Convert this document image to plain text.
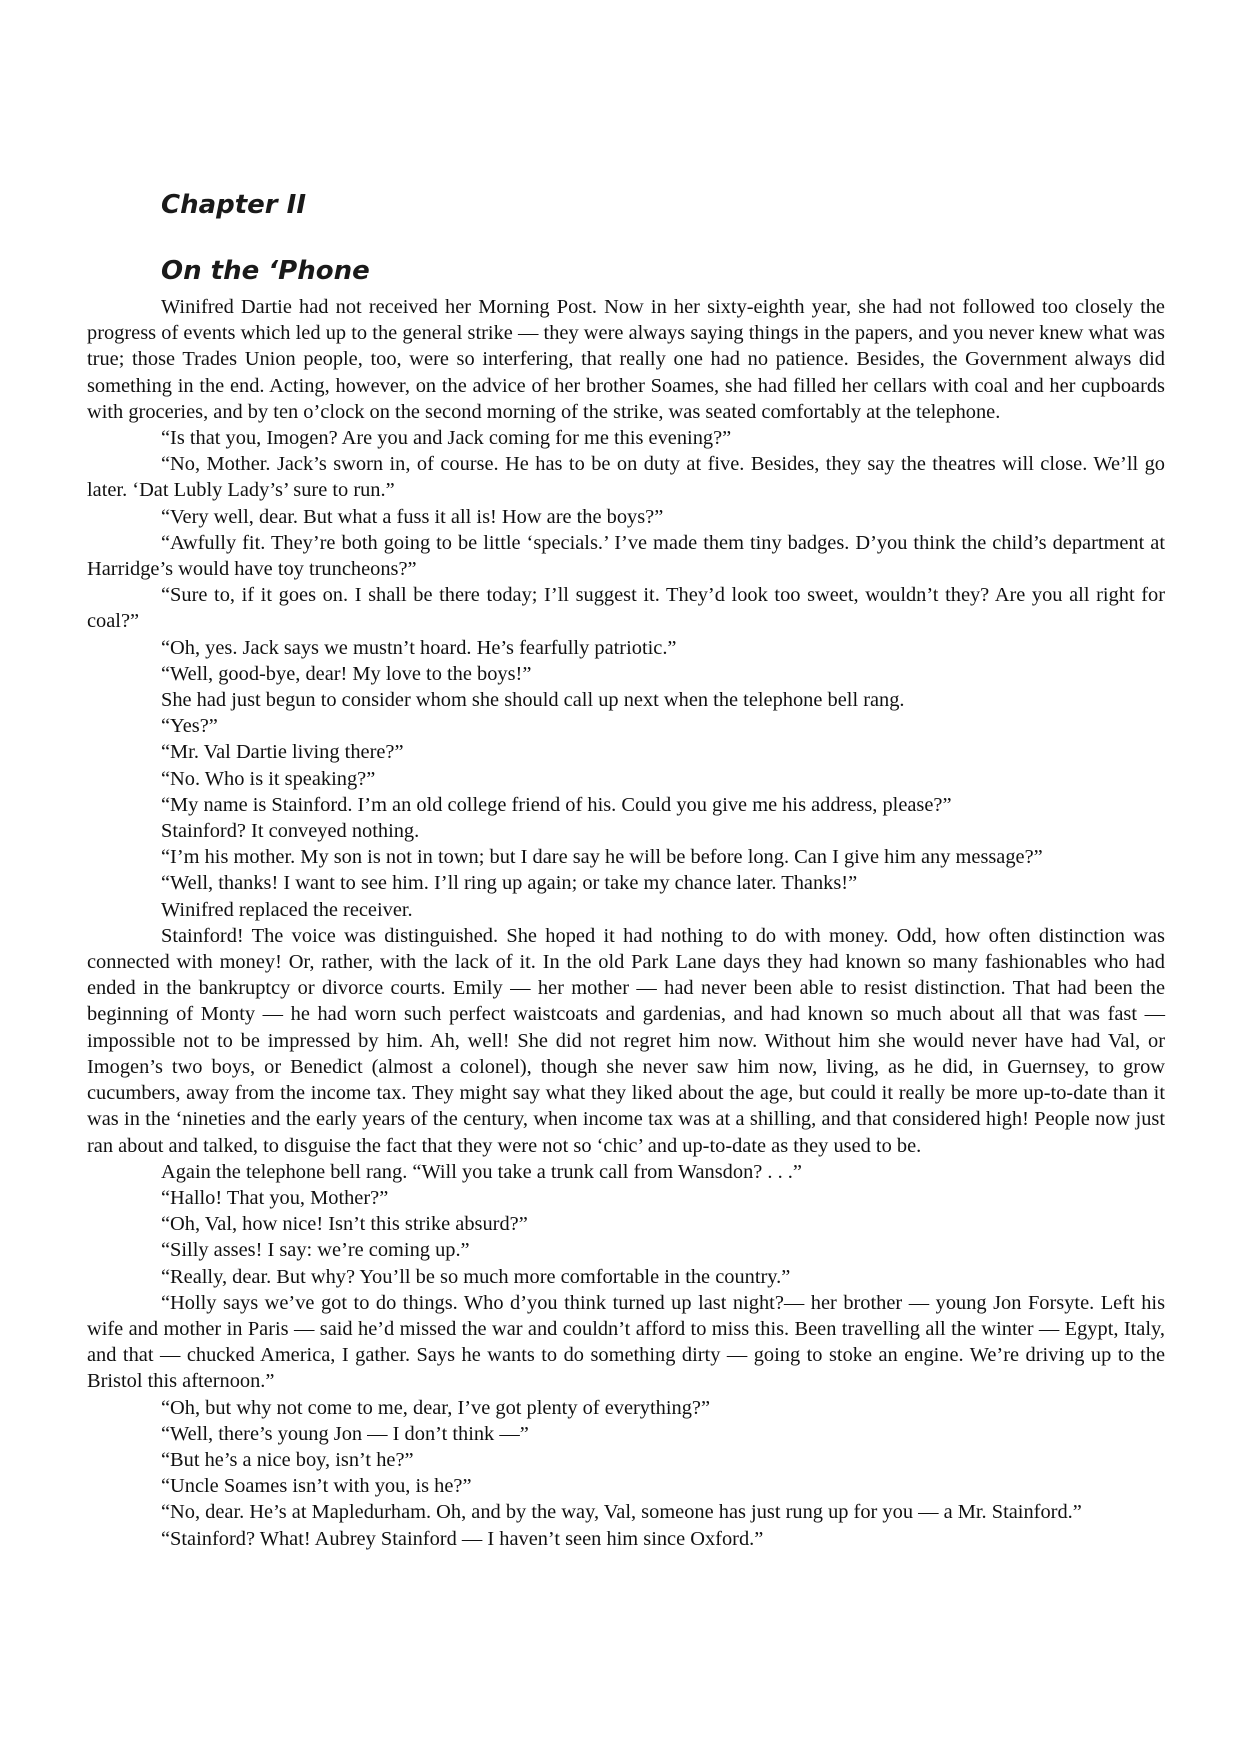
Chapter II
On the ‘Phone

Winifred Dartie had not received her Morning Post. Now in her sixty-eighth year, she had not followed too closely the progress of events which led up to the general strike — they were always saying things in the papers, and you never knew what was true; those Trades Union people, too, were so interfering, that really one had no patience. Besides, the Government always did something in the end. Acting, however, on the advice of her brother Soames, she had filled her cellars with coal and her cupboards with groceries, and by ten o’clock on the second morning of the strike, was seated comfortably at the telephone.

“Is that you, Imogen? Are you and Jack coming for me this evening?”

“No, Mother. Jack’s sworn in, of course. He has to be on duty at five. Besides, they say the theatres will close. We’ll go later. ‘Dat Lubly Lady’s’ sure to run.”

“Very well, dear. But what a fuss it all is! How are the boys?”

“Awfully fit. They’re both going to be little ‘specials.’ I’ve made them tiny badges. D’you think the child’s department at Harridge’s would have toy truncheons?”

“Sure to, if it goes on. I shall be there today; I’ll suggest it. They’d look too sweet, wouldn’t they? Are you all right for coal?”

“Oh, yes. Jack says we mustn’t hoard. He’s fearfully patriotic.”

“Well, good-bye, dear! My love to the boys!”

She had just begun to consider whom she should call up next when the telephone bell rang.

“Yes?”

“Mr. Val Dartie living there?”

“No. Who is it speaking?”

“My name is Stainford. I’m an old college friend of his. Could you give me his address, please?”

Stainford? It conveyed nothing.

“I’m his mother. My son is not in town; but I dare say he will be before long. Can I give him any message?”

“Well, thanks! I want to see him. I’ll ring up again; or take my chance later. Thanks!”

Winifred replaced the receiver.

Stainford! The voice was distinguished. She hoped it had nothing to do with money. Odd, how often distinction was connected with money! Or, rather, with the lack of it. In the old Park Lane days they had known so many fashionables who had ended in the bankruptcy or divorce courts. Emily — her mother — had never been able to resist distinction. That had been the beginning of Monty — he had worn such perfect waistcoats and gardenias, and had known so much about all that was fast — impossible not to be impressed by him. Ah, well! She did not regret him now. Without him she would never have had Val, or Imogen’s two boys, or Benedict (almost a colonel), though she never saw him now, living, as he did, in Guernsey, to grow cucumbers, away from the income tax. They might say what they liked about the age, but could it really be more up-to-date than it was in the ‘nineties and the early years of the century, when income tax was at a shilling, and that considered high! People now just ran about and talked, to disguise the fact that they were not so ‘chic’ and up-to-date as they used to be.

Again the telephone bell rang. “Will you take a trunk call from Wansdon? . . .”

“Hallo! That you, Mother?”

“Oh, Val, how nice! Isn’t this strike absurd?”

“Silly asses! I say: we’re coming up.”

“Really, dear. But why? You’ll be so much more comfortable in the country.”

“Holly says we’ve got to do things. Who d’you think turned up last night?— her brother — young Jon Forsyte. Left his wife and mother in Paris — said he’d missed the war and couldn’t afford to miss this. Been travelling all the winter — Egypt, Italy, and that — chucked America, I gather. Says he wants to do something dirty — going to stoke an engine. We’re driving up to the Bristol this afternoon.”

“Oh, but why not come to me, dear, I’ve got plenty of everything?”

“Well, there’s young Jon — I don’t think —”

“But he’s a nice boy, isn’t he?”

“Uncle Soames isn’t with you, is he?”

“No, dear. He’s at Mapledurham. Oh, and by the way, Val, someone has just rung up for you — a Mr. Stainford.”

“Stainford? What! Aubrey Stainford — I haven’t seen him since Oxford.”
